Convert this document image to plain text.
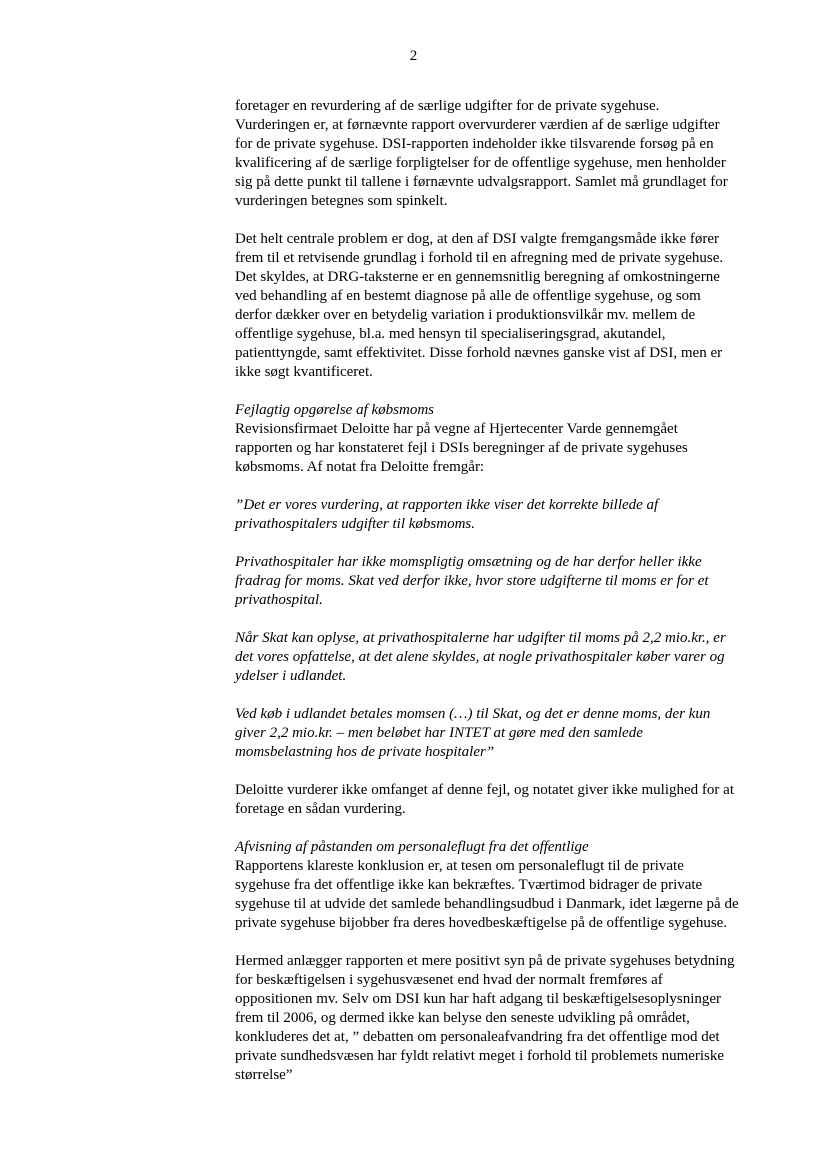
2

foretager en revurdering af de særlige udgifter for de private sygehuse.
Vurderingen er, at førnævnte rapport overvurderer værdien af de særlige udgifter
for de private sygehuse. DSI-rapporten indeholder ikke tilsvarende forsøg på en
kvalificering af de særlige forpligtelser for de offentlige sygehuse, men henholder
sig på dette punkt til tallene i førnævnte udvalgsrapport. Samlet må grundlaget for
vurderingen betegnes som spinkelt.

Det helt centrale problem er dog, at den af DSI valgte fremgangsmåde ikke fører
frem til et retvisende grundlag i forhold til en afregning med de private sygehuse.
Det skyldes, at DRG-taksterne er en gennemsnitlig beregning af omkostningerne
ved behandling af en bestemt diagnose på alle de offentlige sygehuse, og som
derfor dækker over en betydelig variation i produktionsvilkår mv. mellem de
offentlige sygehuse, bl.a. med hensyn til specialiseringsgrad, akutandel,
patienttyngde, samt effektivitet. Disse forhold nævnes ganske vist af DSI, men er
ikke søgt kvantificeret.

Fejlagtig opgørelse af købsmoms
Revisionsfirmaet Deloitte har på vegne af Hjertecenter Varde gennemgået
rapporten og har konstateret fejl i DSIs beregninger af de private sygehuses
købsmoms. Af notat fra Deloitte fremgår:

”Det er vores vurdering, at rapporten ikke viser det korrekte billede af
privathospitalers udgifter til købsmoms.

Privathospitaler har ikke momspligtig omsætning og de har derfor heller ikke
fradrag for moms. Skat ved derfor ikke, hvor store udgifterne til moms er for et
privathospital.

Når Skat kan oplyse, at privathospitalerne har udgifter til moms på 2,2 mio.kr., er
det vores opfattelse, at det alene skyldes, at nogle privathospitaler køber varer og
ydelser i udlandet.

Ved køb i udlandet betales momsen (…) til Skat, og det er denne moms, der kun
giver 2,2 mio.kr. – men beløbet har INTET at gøre med den samlede
momsbelastning hos de private hospitaler”

Deloitte vurderer ikke omfanget af denne fejl, og notatet giver ikke mulighed for at
foretage en sådan vurdering.

Afvisning af påstanden om personaleflugt fra det offentlige
Rapportens klareste konklusion er, at tesen om personaleflugt til de private
sygehuse fra det offentlige ikke kan bekræftes. Tværtimod bidrager de private
sygehuse til at udvide det samlede behandlingsudbud i Danmark, idet lægerne på de
private sygehuse bijobber fra deres hovedbeskæftigelse på de offentlige sygehuse.

Hermed anlægger rapporten et mere positivt syn på de private sygehuses betydning
for beskæftigelsen i sygehusvæsenet end hvad der normalt fremføres af
oppositionen mv. Selv om DSI kun har haft adgang til beskæftigelsesoplysninger
frem til 2006, og dermed ikke kan belyse den seneste udvikling på området,
konkluderes det at, ” debatten om personaleafvandring fra det offentlige mod det
private sundhedsvæsen har fyldt relativt meget i forhold til problemets numeriske
størrelse”
